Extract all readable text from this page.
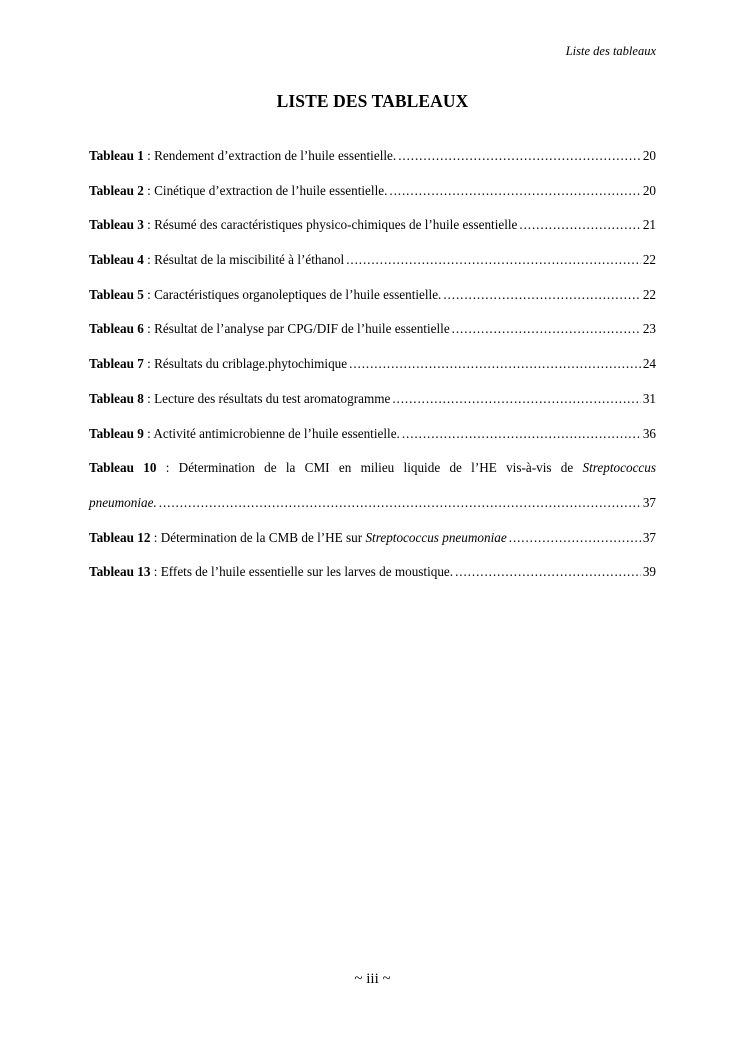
Liste des tableaux
LISTE DES TABLEAUX
Tableau 1 : Rendement d’extraction de l’huile essentielle. . . .	20
Tableau 2 : Cinétique d’extraction de l’huile essentielle. . . .	20
Tableau 3 : Résumé des caractéristiques physico-chimiques de l’huile essentielle . . .	21
Tableau 4 : Résultat de la miscibilité à l’éthanol . . .	22
Tableau 5 : Caractéristiques organoleptiques de l’huile essentielle. . . .	22
Tableau 6 : Résultat de l’analyse par CPG/DIF de l’huile essentielle . . .	23
Tableau 7 : Résultats du criblage.phytochimique . . .	24
Tableau 8 : Lecture des résultats du test aromatogramme . . .	31
Tableau 9 : Activité antimicrobienne de l’huile essentielle. . . .	36
Tableau 10 : Détermination de la CMI en milieu liquide de l’HE vis-à-vis de Streptococcus
pneumoniae. . . .	37
Tableau 12 : Détermination de la CMB de l’HE sur Streptococcus pneumoniae . . .	37
Tableau 13 : Effets de l’huile essentielle sur les larves de moustique. . . .	39
~ iii ~
